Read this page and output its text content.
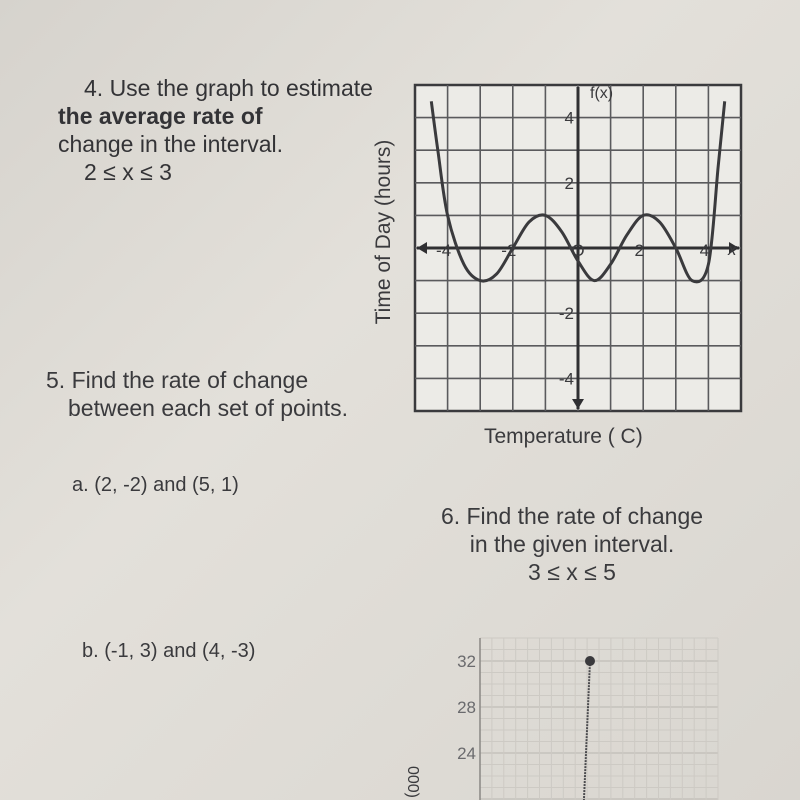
4. Use the graph to estimate
the average rate of
change in the interval.
2 ≤ x ≤ 3
5. Find the rate of change
between each set of points.
a. (2, -2) and (5, 1)
b. (-1, 3) and (4, -3)
6. Find the rate of change
in the given interval.
3 ≤ x ≤ 5
Time of Day (hours)
Temperature ( C)
-4	-2	O	2	4
4
2
-2
-4
f(x)
x
000)
32
28
24
